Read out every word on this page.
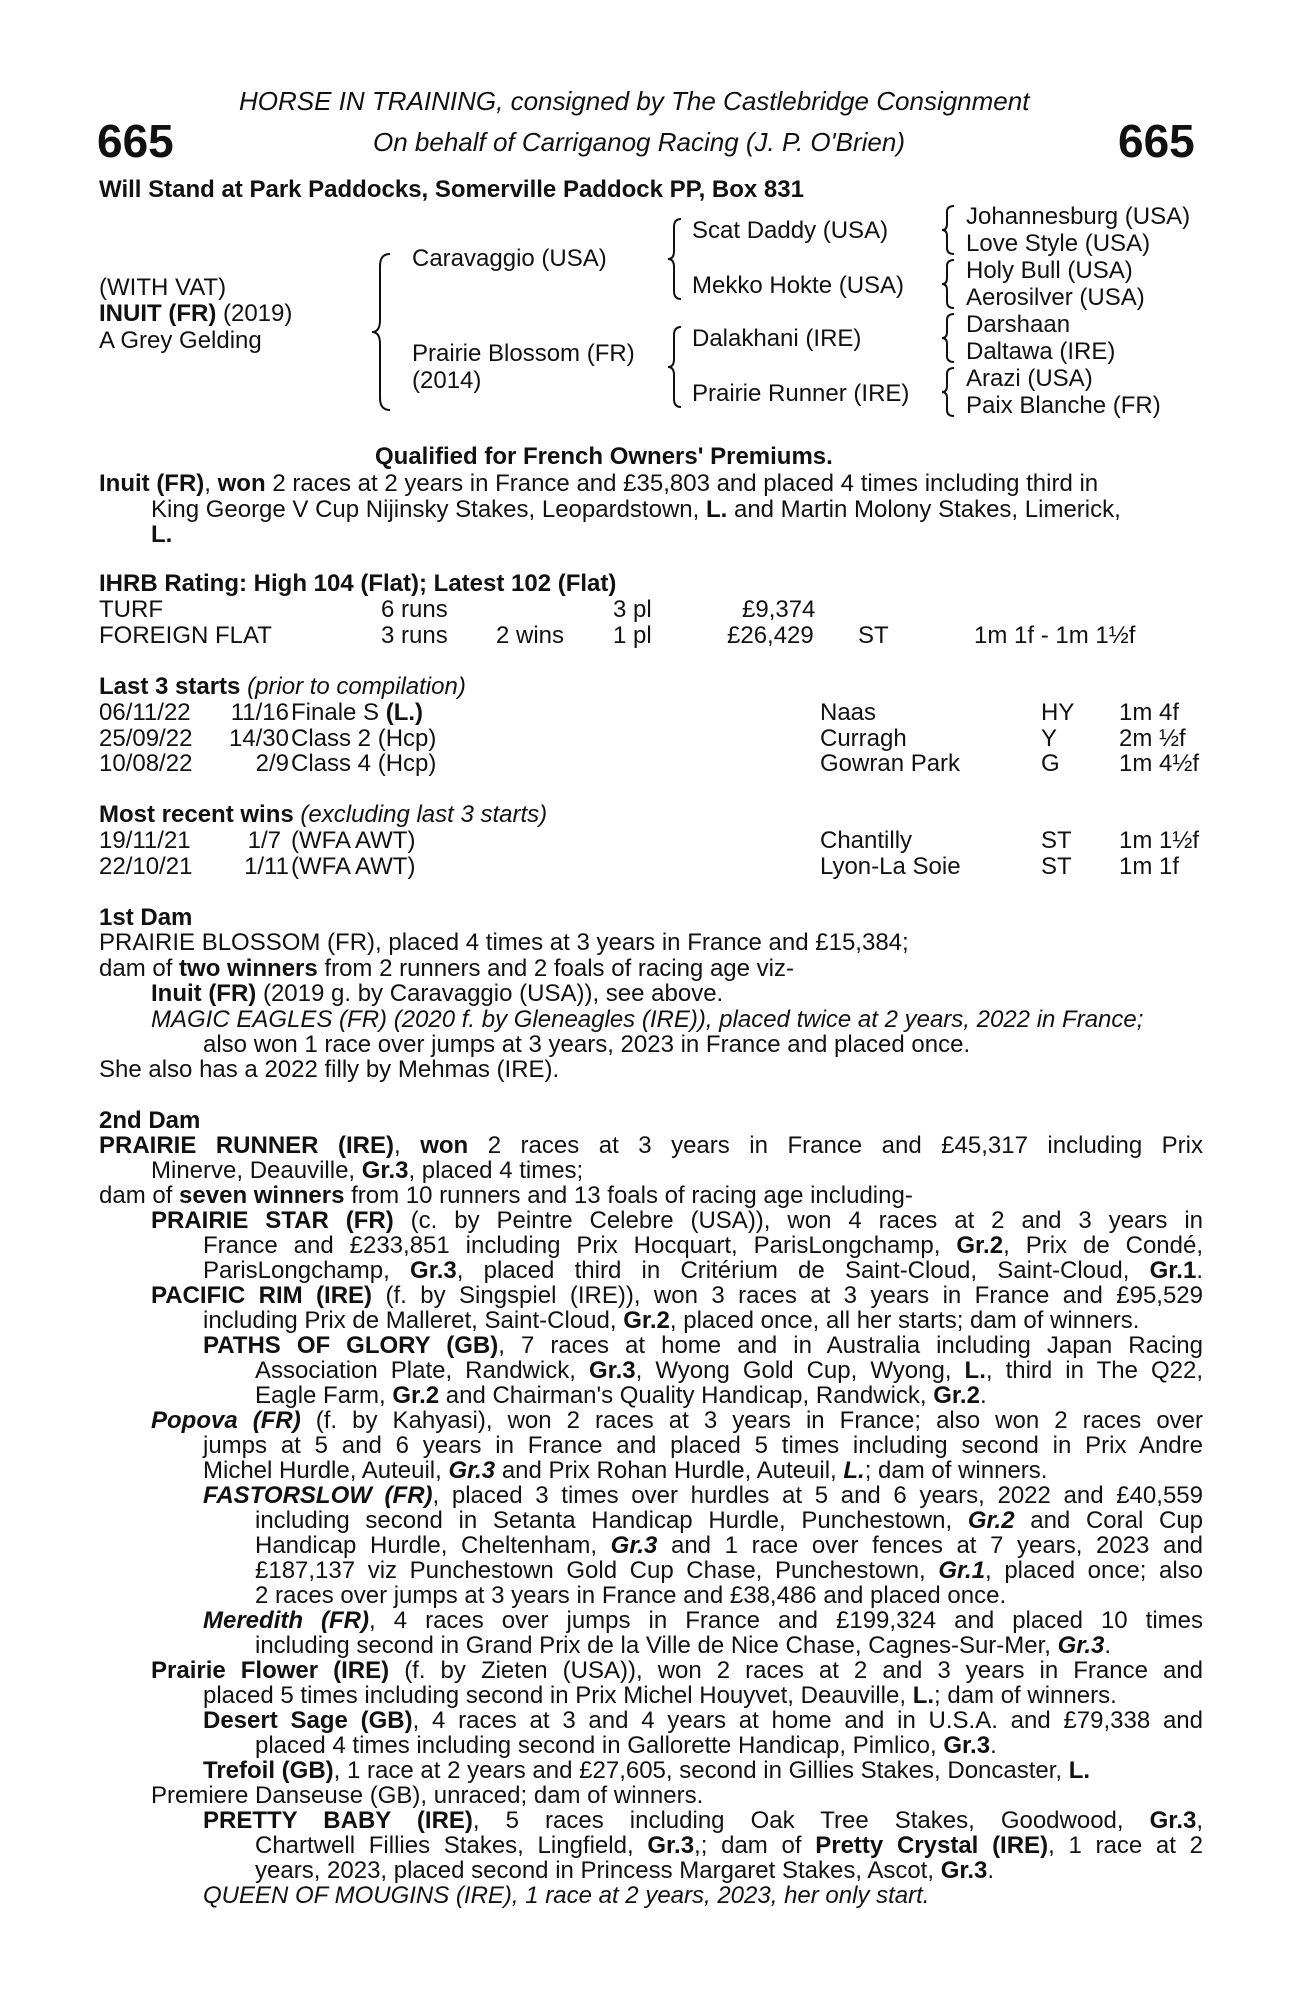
HORSE IN TRAINING, consigned by The Castlebridge Consignment
665	On behalf of Carriganog Racing (J. P. O'Brien)	665
Will Stand at Park Paddocks, Somerville Paddock PP, Box 831
(WITH VAT)
INUIT (FR) (2019)
A Grey Gelding
Caravaggio (USA)
Prairie Blossom (FR)
(2014)
Scat Daddy (USA)
Mekko Hokte (USA)
Dalakhani (IRE)
Prairie Runner (IRE)
Johannesburg (USA)
Love Style (USA)
Holy Bull (USA)
Aerosilver (USA)
Darshaan
Daltawa (IRE)
Arazi (USA)
Paix Blanche (FR)
Qualified for French Owners' Premiums.
Inuit (FR), won 2 races at 2 years in France and £35,803 and placed 4 times including third in
King George V Cup Nijinsky Stakes, Leopardstown, L. and Martin Molony Stakes, Limerick,
L.
IHRB Rating: High 104 (Flat); Latest 102 (Flat)
TURF	6 runs	3 pl	£9,374
FOREIGN FLAT	3 runs 2 wins 1 pl	£26,429 ST	1m 1f - 1m 1½f
Last 3 starts (prior to compilation)
06/11/22	11/16 Finale S (L.)	Naas	HY 1m 4f
25/09/22 14/30 Class 2 (Hcp)	Curragh	Y	2m ½f
10/08/22	2/9 Class 4 (Hcp)	Gowran Park	G 1m 4½f
Most recent wins (excluding last 3 starts)
19/11/21	1/7 (WFA AWT)	Chantilly	ST 1m 1½f
22/10/21	1/11 (WFA AWT)	Lyon-La Soie	ST 1m 1f
1st Dam
PRAIRIE BLOSSOM (FR), placed 4 times at 3 years in France and £15,384;
dam of two winners from 2 runners and 2 foals of racing age viz-
Inuit (FR) (2019 g. by Caravaggio (USA)), see above.
MAGIC EAGLES (FR) (2020 f. by Gleneagles (IRE)), placed twice at 2 years, 2022 in France;
also won 1 race over jumps at 3 years, 2023 in France and placed once.
She also has a 2022 filly by Mehmas (IRE).
2nd Dam
PRAIRIE RUNNER (IRE), won 2 races at 3 years in France and £45,317 including Prix
Minerve, Deauville, Gr.3, placed 4 times;
dam of seven winners from 10 runners and 13 foals of racing age including-
PRAIRIE STAR (FR) (c. by Peintre Celebre (USA)), won 4 races at 2 and 3 years in
France and £233,851 including Prix Hocquart, ParisLongchamp, Gr.2, Prix de Condé,
ParisLongchamp, Gr.3, placed third in Critérium de Saint-Cloud, Saint-Cloud, Gr.1.
PACIFIC RIM (IRE) (f. by Singspiel (IRE)), won 3 races at 3 years in France and £95,529
including Prix de Malleret, Saint-Cloud, Gr.2, placed once, all her starts; dam of winners.
PATHS OF GLORY (GB), 7 races at home and in Australia including Japan Racing
Association Plate, Randwick, Gr.3, Wyong Gold Cup, Wyong, L., third in The Q22,
Eagle Farm, Gr.2 and Chairman's Quality Handicap, Randwick, Gr.2.
Popova (FR) (f. by Kahyasi), won 2 races at 3 years in France; also won 2 races over
jumps at 5 and 6 years in France and placed 5 times including second in Prix Andre
Michel Hurdle, Auteuil, Gr.3 and Prix Rohan Hurdle, Auteuil, L.; dam of winners.
FASTORSLOW (FR), placed 3 times over hurdles at 5 and 6 years, 2022 and £40,559
including second in Setanta Handicap Hurdle, Punchestown, Gr.2 and Coral Cup
Handicap Hurdle, Cheltenham, Gr.3 and 1 race over fences at 7 years, 2023 and
£187,137 viz Punchestown Gold Cup Chase, Punchestown, Gr.1, placed once; also
2 races over jumps at 3 years in France and £38,486 and placed once.
Meredith (FR), 4 races over jumps in France and £199,324 and placed 10 times
including second in Grand Prix de la Ville de Nice Chase, Cagnes-Sur-Mer, Gr.3.
Prairie Flower (IRE) (f. by Zieten (USA)), won 2 races at 2 and 3 years in France and
placed 5 times including second in Prix Michel Houyvet, Deauville, L.; dam of winners.
Desert Sage (GB), 4 races at 3 and 4 years at home and in U.S.A. and £79,338 and
placed 4 times including second in Gallorette Handicap, Pimlico, Gr.3.
Trefoil (GB), 1 race at 2 years and £27,605, second in Gillies Stakes, Doncaster, L.
Premiere Danseuse (GB), unraced; dam of winners.
PRETTY BABY (IRE), 5 races including Oak Tree Stakes, Goodwood, Gr.3,
Chartwell Fillies Stakes, Lingfield, Gr.3,; dam of Pretty Crystal (IRE), 1 race at 2
years, 2023, placed second in Princess Margaret Stakes, Ascot, Gr.3.
QUEEN OF MOUGINS (IRE), 1 race at 2 years, 2023, her only start.
